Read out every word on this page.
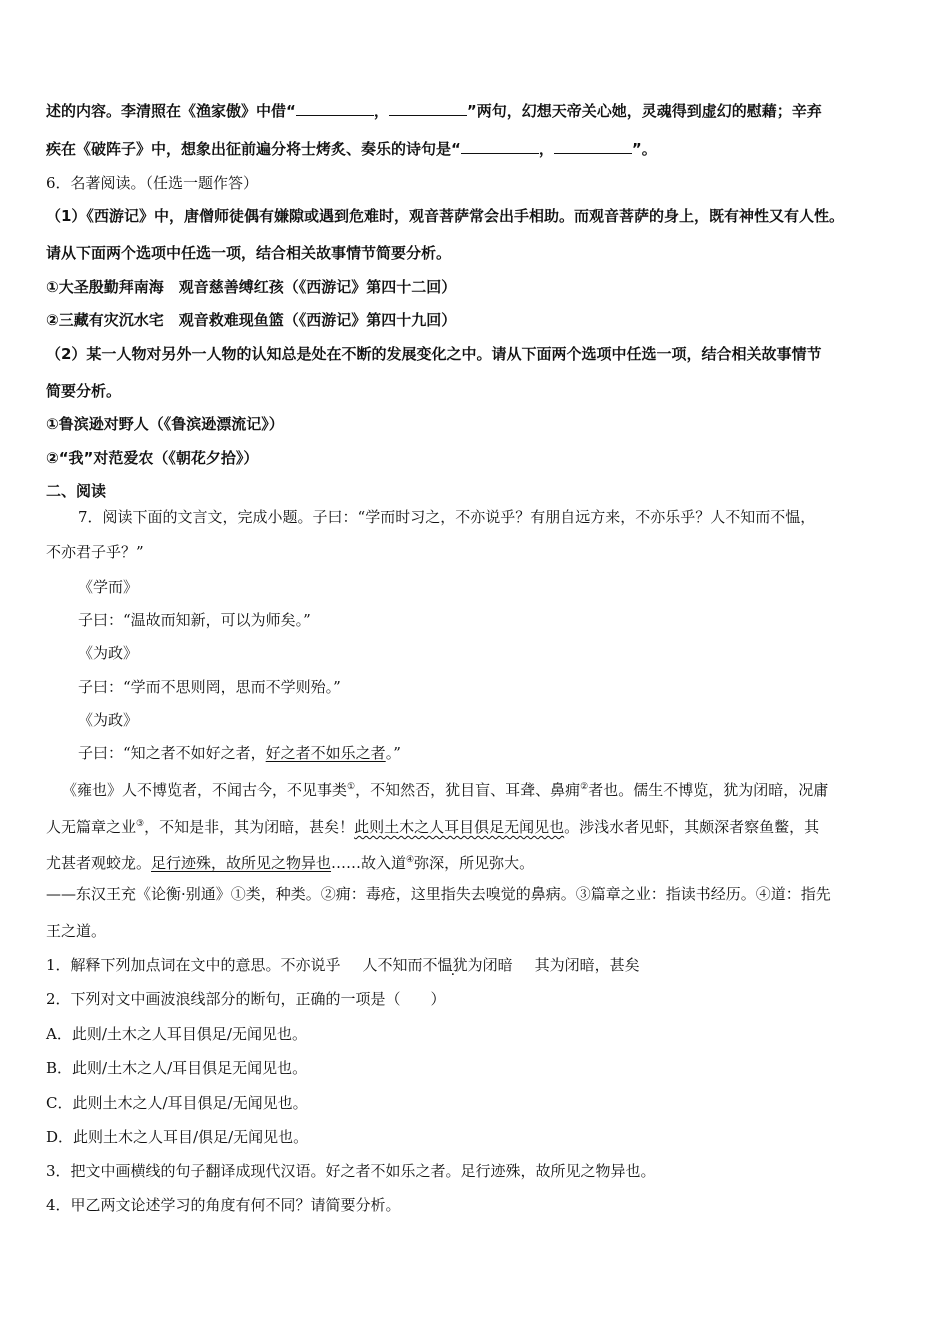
述的内容。李清照在《渔家傲》中借“	，	”两句，幻想天帝关心她，灵魂得到虚幻的慰藉；辛弃
疾在《破阵子》中，想象出征前遍分将士烤炙、奏乐的诗句是“	，	”。
6．名著阅读。（任选一题作答）
（1）《西游记》中，唐僧师徒偶有嫌隙或遇到危难时，观音菩萨常会出手相助。而观音菩萨的身上，既有神性又有人性。
请从下面两个选项中任选一项，结合相关故事情节简要分析。
①大圣殷勤拜南海　观音慈善缚红孩（《西游记》第四十二回）
②三藏有灾沉水宅　观音救难现鱼篮（《西游记》第四十九回）
（2）某一人物对另外一人物的认知总是处在不断的发展变化之中。请从下面两个选项中任选一项，结合相关故事情节
简要分析。
①鲁滨逊对野人（《鲁滨逊漂流记》）
②“我”对范爱农（《朝花夕拾》）
二、阅读
7．阅读下面的文言文，完成小题。子曰：“学而时习之，不亦说乎？有朋自远方来，不亦乐乎？人不知而不愠，
不亦君子乎？”
《学而》
子曰：“温故而知新，可以为师矣。”
《为政》
子曰：“学而不思则罔，思而不学则殆。”
《为政》
子曰：“知之者不如好之者，好之者不如乐之者。”
《雍也》人不博览者，不闻古今，不见事类①，不知然否，犹目盲、耳聋、鼻痈②者也。儒生不博览，犹为闭暗，况庸
人无篇章之业③，不知是非，其为闭暗，甚矣！此则土木之人耳目俱足无闻见也。涉浅水者见虾，其颇深者察鱼鳖，其
尤甚者观蛟龙。足行迹殊，故所见之物异也……故入道④弥深，所见弥大。
——东汉王充《论衡·别通》①类，种类。②痈：毒疮，这里指失去嗅觉的鼻病。③篇章之业：指读书经历。④道：指先
王之道。
1．解释下列加点词在文中的意思。不亦说乎 人不知而不愠犹为闭暗 其为闭暗，甚矣
2．下列对文中画波浪线部分的断句，正确的一项是（　　）
A．此则/土木之人耳目俱足/无闻见也。
B．此则/土木之人/耳目俱足无闻见也。
C．此则土木之人/耳目俱足/无闻见也。
D．此则土木之人耳目/俱足/无闻见也。
3．把文中画横线的句子翻译成现代汉语。好之者不如乐之者。足行迹殊，故所见之物异也。
4．甲乙两文论述学习的角度有何不同？请简要分析。
